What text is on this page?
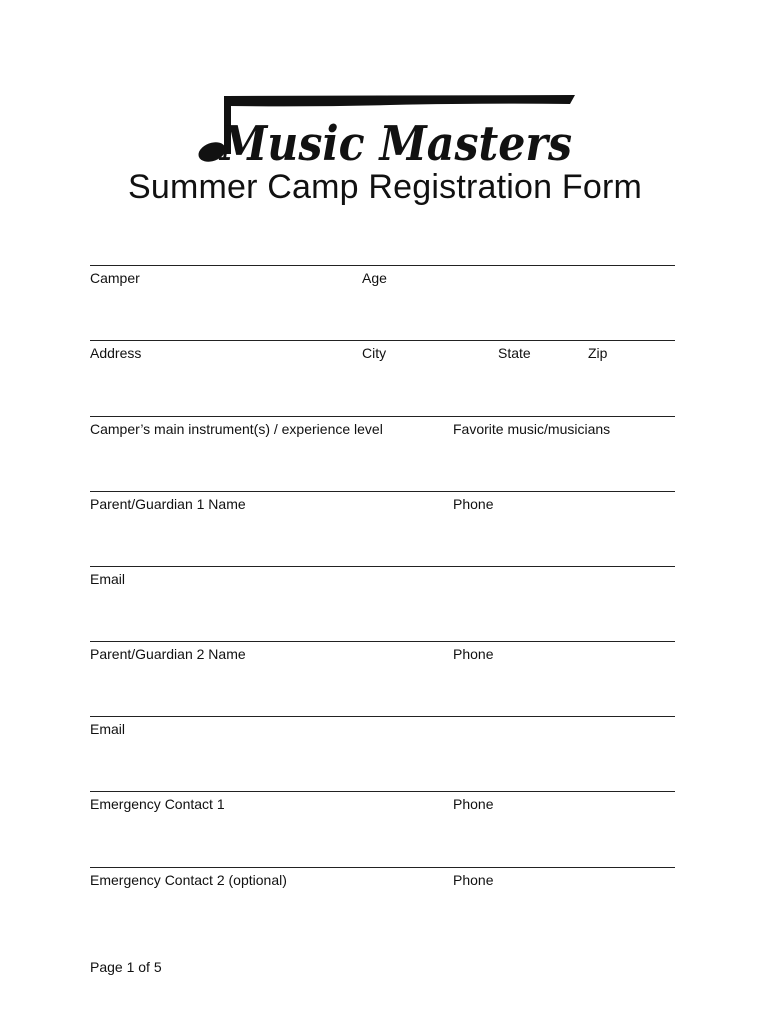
Music Masters
Summer Camp Registration Form
Camper	Age
Address	City	State	Zip
Camper’s main instrument(s) / experience level	Favorite music/musicians
Parent/Guardian 1 Name	Phone
Email
Parent/Guardian 2 Name	Phone
Email
Emergency Contact 1	Phone
Emergency Contact 2 (optional)	Phone
Page 1 of 5
